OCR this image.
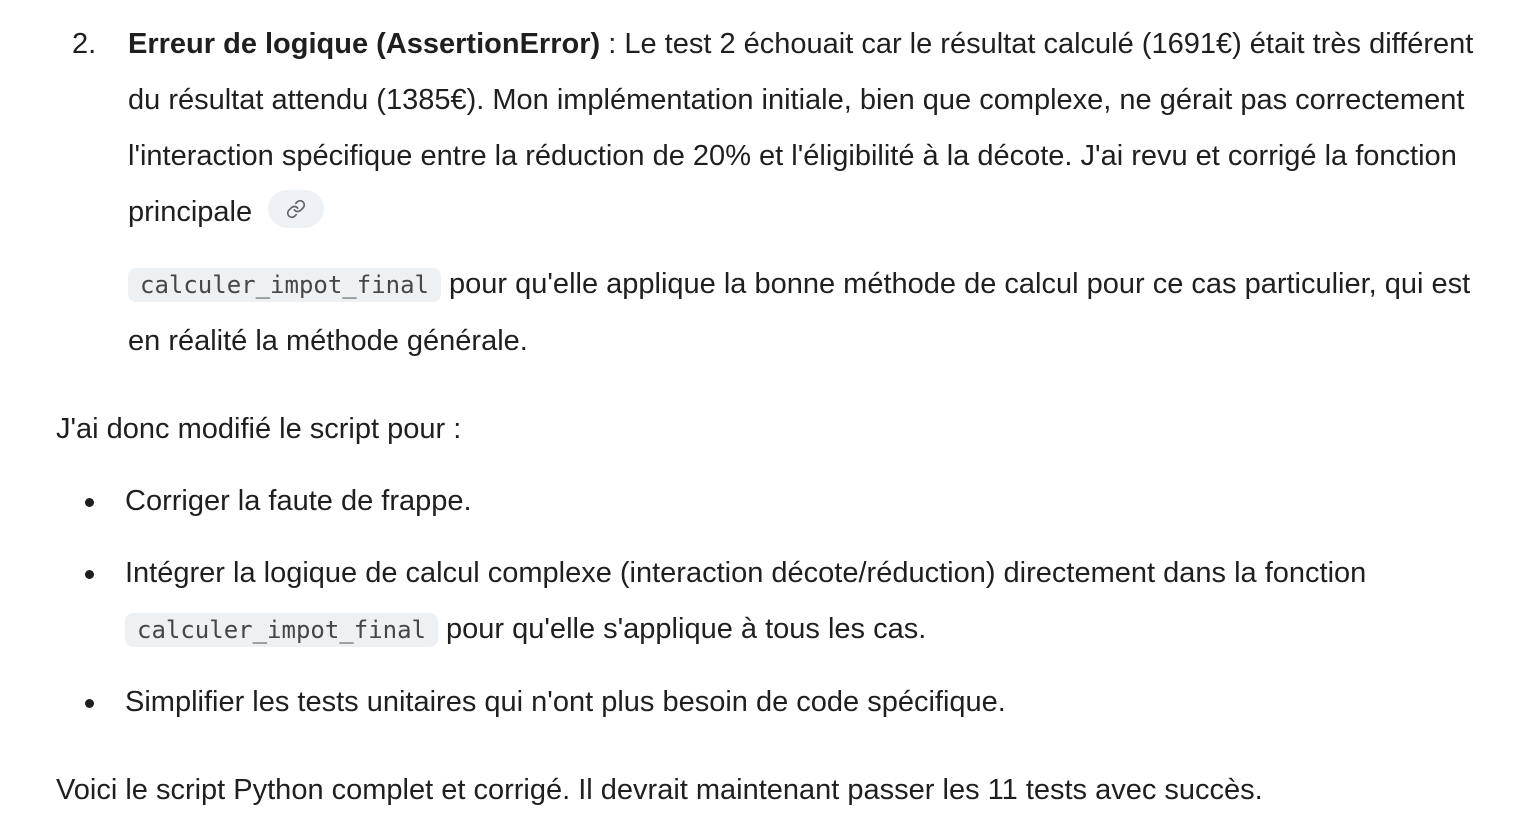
2. Erreur de logique (AssertionError) : Le test 2 échouait car le résultat calculé (1691€) était très différent du résultat attendu (1385€). Mon implémentation initiale, bien que complexe, ne gérait pas correctement l'interaction spécifique entre la réduction de 20% et l'éligibilité à la décote. J'ai revu et corrigé la fonction principale

calculer_impot_final pour qu'elle applique la bonne méthode de calcul pour ce cas particulier, qui est en réalité la méthode générale.

J'ai donc modifié le script pour :

Corriger la faute de frappe.
Intégrer la logique de calcul complexe (interaction décote/réduction) directement dans la fonction calculer_impot_final pour qu'elle s'applique à tous les cas.
Simplifier les tests unitaires qui n'ont plus besoin de code spécifique.

Voici le script Python complet et corrigé. Il devrait maintenant passer les 11 tests avec succès.
